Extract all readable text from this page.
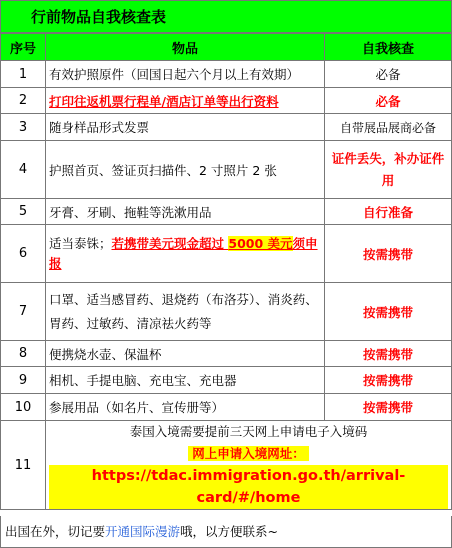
行前物品自我核查表
序号	物品	自我核查
1	有效护照原件（回国日起六个月以上有效期）	必备
2	打印往返机票行程单/酒店订单等出行资料	必备
3	随身样品形式发票	自带展品展商必备
4	护照首页、签证页扫描件、2 寸照片 2 张	证件丢失，补办证件用
5	牙膏、牙刷、拖鞋等洗漱用品	自行准备
6	适当泰铢；若携带美元现金超过 5000 美元须申报	按需携带
7	口罩、适当感冒药、退烧药（布洛芬）、消炎药、胃药、过敏药、清凉祛火药等	按需携带
8	便携烧水壶、保温杯	按需携带
9	相机、手提电脑、充电宝、充电器	按需携带
10	参展用品（如名片、宣传册等）	按需携带
11	泰国入境需要提前三天网上申请电子入境码
网上申请入境网址：
https://tdac.immigration.go.th/arrival-card/#/home	
出国在外，切记要开通国际漫游哦，以方便联系~
